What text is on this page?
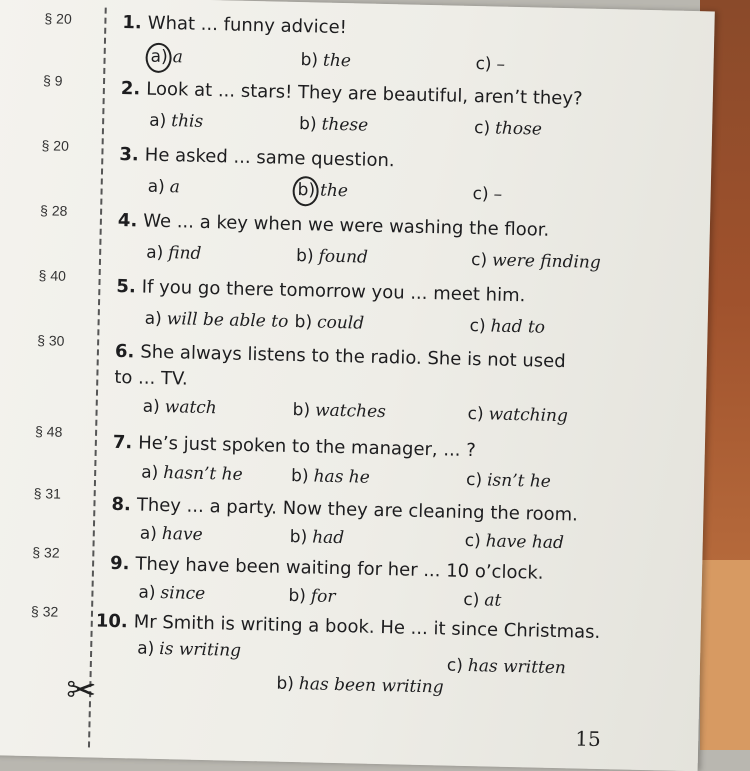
§ 20	1. What ... funny advice!
a) a	b) the	c) –
§ 9	2. Look at ... stars! They are beautiful, aren’t they?
a) this	b) these	c) those
§ 20	3. He asked ... same question.
a) a	b) the	c) –
§ 28	4. We ... a key when we were washing the floor.
a) find	b) found	c) were finding
§ 40
5. If you go there tomorrow you ... meet him.
a) will be able to b) could	c) had to
§ 30
6. She always listens to the radio. She is not used
to ... TV.
a) watch	b) watches	c) watching
§ 48
7. He’s just spoken to the manager, ... ?
a) hasn’t he	b) has he	c) isn’t he
§ 31
8. They ... a party. Now they are cleaning the room.
a) have	b) had	c) have had
§ 32
9. They have been waiting for her ... 10 o’clock.
a) since	b) for	c) at
§ 32	10. Mr Smith is writing a book. He ... it since Christmas.
a) is writing
c) has written
b) has been writing
✂
15
